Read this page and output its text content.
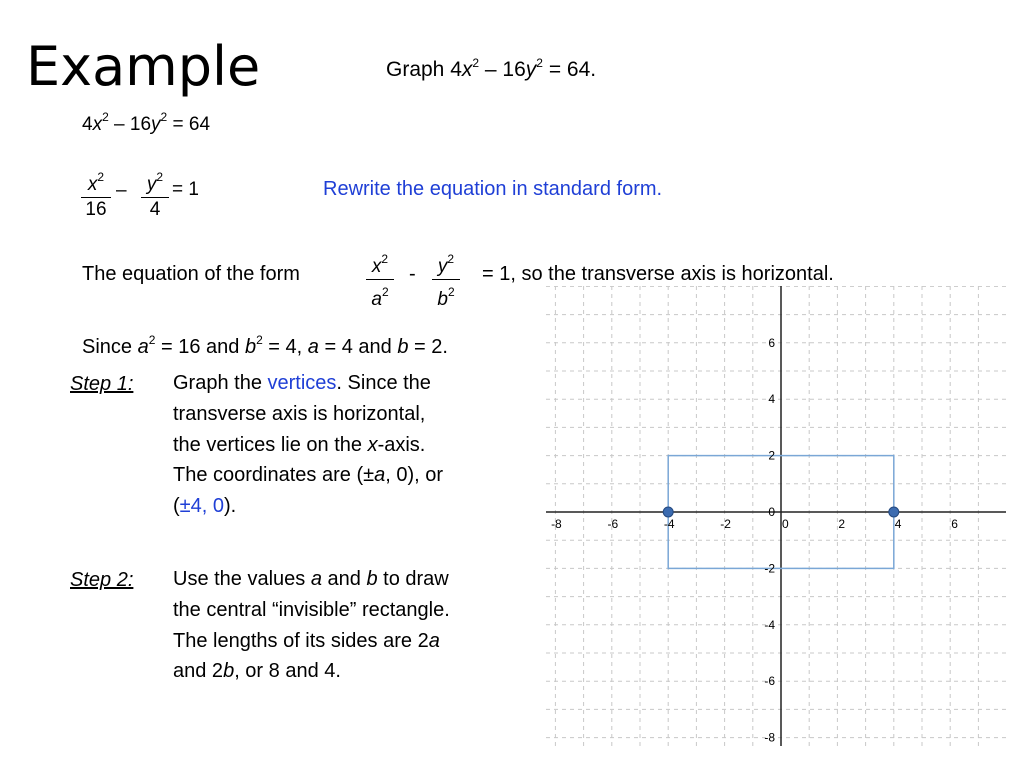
Example	Graph $4x^2 - 16y^2 = 64$.
$4x^2 - 16y^2 = 64$
$x^2$
16
–	$y^2$
4
= 1	Rewrite the equation in standard form.
The equation of the form	$x^2$
$a^2$
-	$y^2$
$b^2$
= 1, so the transverse axis is horizontal.
Since $a^2 = 16$ and $b^2 = 4$, a = 4 and b = 2.
Step 1: Graph the vertices. Since the transverse axis is horizontal, the vertices lie on the x-axis. The coordinates are (±a, 0), or (±4, 0).
Step 2: Use the values a and b to draw the central “invisible” rectangle. The lengths of its sides are 2a and 2b, or 8 and 4.
-8	-6	-4	-2	0	2	4	6
6
4
2
0
-2
-4
-6
-8
